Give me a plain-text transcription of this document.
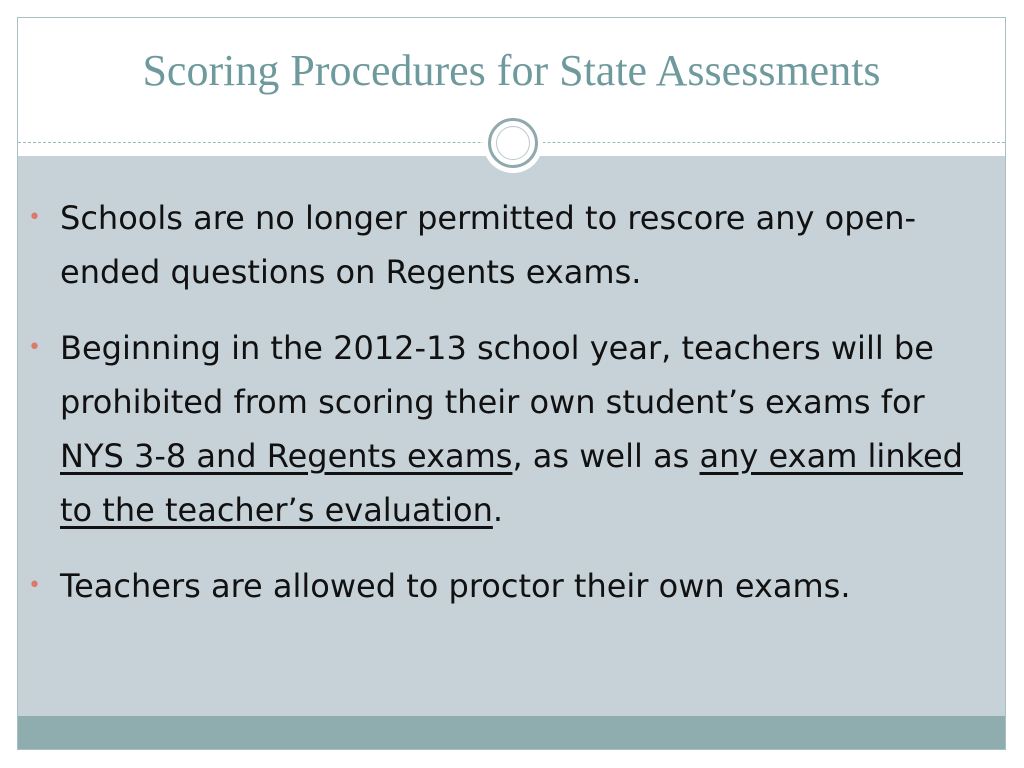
Scoring Procedures for State Assessments
• Schools are no longer permitted to rescore any open-ended questions on Regents exams.
• Beginning in the 2012-13 school year, teachers will be prohibited from scoring their own student’s exams for NYS 3-8 and Regents exams, as well as any exam linked to the teacher’s evaluation.
• Teachers are allowed to proctor their own exams.
